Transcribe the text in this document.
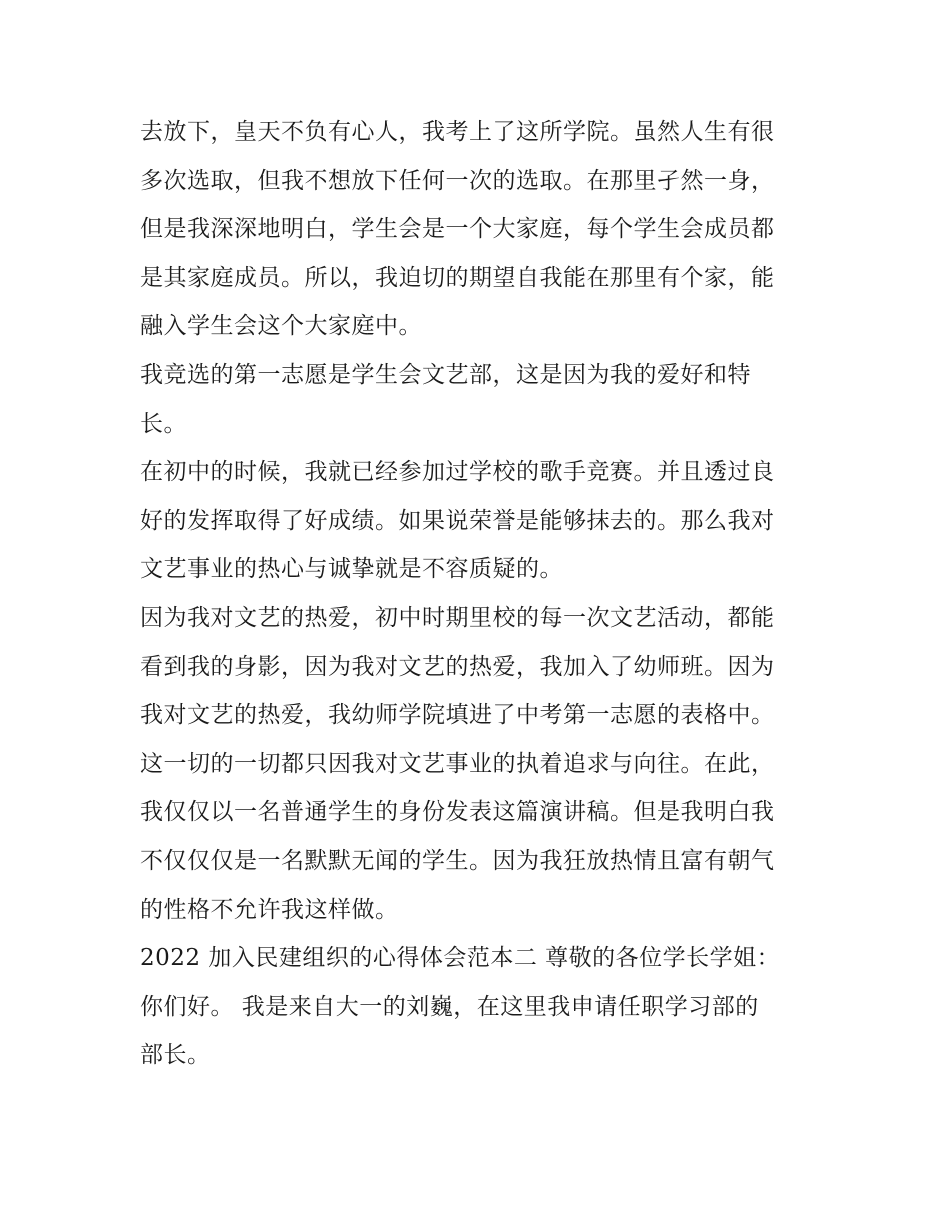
去放下，皇天不负有心人，我考上了这所学院。虽然人生有很
多次选取，但我不想放下任何一次的选取。在那里孑然一身，
但是我深深地明白，学生会是一个大家庭，每个学生会成员都
是其家庭成员。所以，我迫切的期望自我能在那里有个家，能
融入学生会这个大家庭中。
我竞选的第一志愿是学生会文艺部，这是因为我的爱好和特
长。
在初中的时候，我就已经参加过学校的歌手竞赛。并且透过良
好的发挥取得了好成绩。如果说荣誉是能够抹去的。那么我对
文艺事业的热心与诚挚就是不容质疑的。
因为我对文艺的热爱，初中时期里校的每一次文艺活动，都能
看到我的身影，因为我对文艺的热爱，我加入了幼师班。因为
我对文艺的热爱，我幼师学院填进了中考第一志愿的表格中。
这一切的一切都只因我对文艺事业的执着追求与向往。在此，
我仅仅以一名普通学生的身份发表这篇演讲稿。但是我明白我
不仅仅仅是一名默默无闻的学生。因为我狂放热情且富有朝气
的性格不允许我这样做。
2022 加入民建组织的心得体会范本二 尊敬的各位学长学姐：
你们好。 我是来自大一的刘巍，在这里我申请任职学习部的
部长。
